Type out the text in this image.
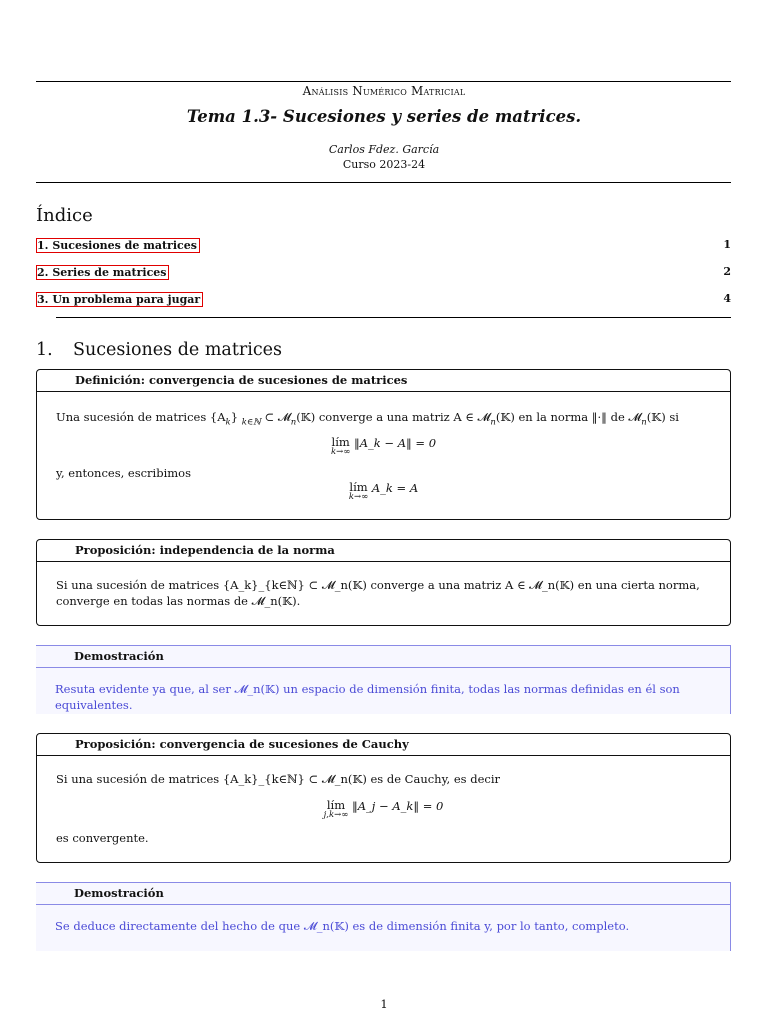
Análisis Numérico Matricial
Tema 1.3- Sucesiones y series de matrices.
Carlos Fdez. García
Curso 2023-24
Índice
1. Sucesiones de matrices	1
2. Series de matrices	2
3. Un problema para jugar	4
1. Sucesiones de matrices
Definición: convergencia de sucesiones de matrices
Una sucesión de matrices $\{A_k\}$ $_{k\in ℕ}$ ⊂ 𝓜$_n$(𝕂) converge a una matriz A ∈ 𝓜$_n$(𝕂) en la norma ‖·‖ de 𝓜$_n$(𝕂) si
lím
k→∞
‖A_k − A‖ = 0
y, entonces, escribimos
lím
k→∞
A_k = A
Proposición: independencia de la norma
Si una sucesión de matrices {A_k}_{k∈ℕ} ⊂ 𝓜_n(𝕂) converge a una matriz A ∈ 𝓜_n(𝕂) en una cierta norma, converge en todas las normas de 𝓜_n(𝕂).
Demostración
Resuta evidente ya que, al ser 𝓜_n(𝕂) un espacio de dimensión finita, todas las normas definidas en él son equivalentes.
Proposición: convergencia de sucesiones de Cauchy
Si una sucesión de matrices {A_k}_{k∈ℕ} ⊂ 𝓜_n(𝕂) es de Cauchy, es decir
lím
j,k→∞
‖A_j − A_k‖ = 0
es convergente.
Demostración
Se deduce directamente del hecho de que 𝓜_n(𝕂) es de dimensión finita y, por lo tanto, completo.
1
